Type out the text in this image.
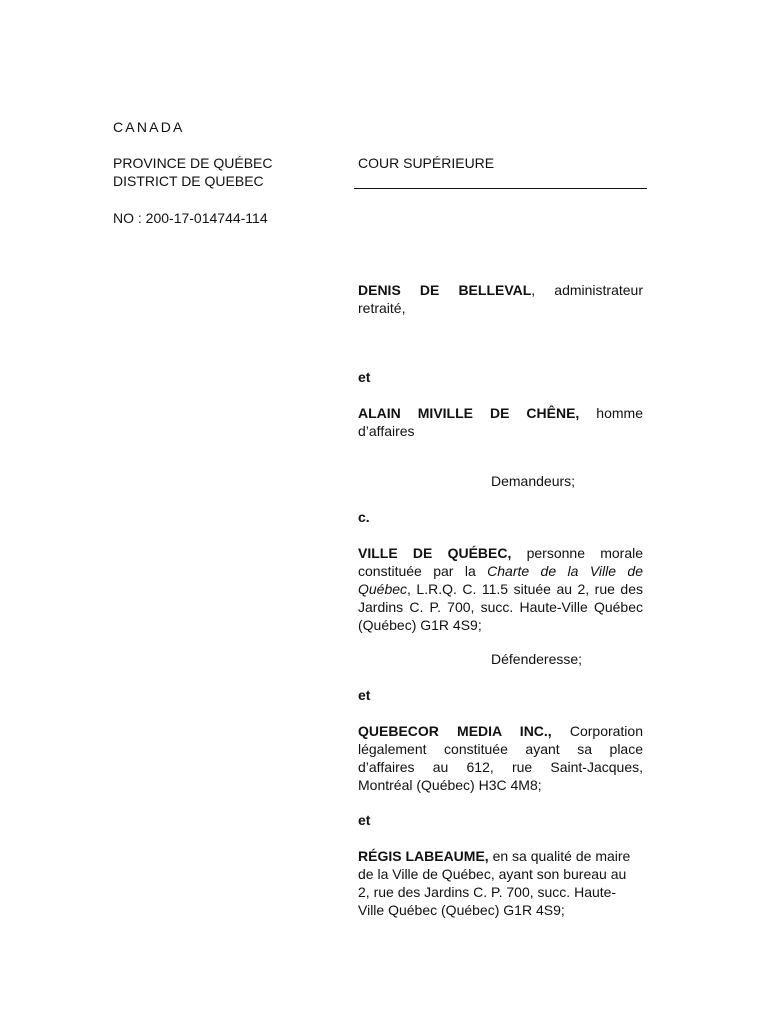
CANADA

PROVINCE DE QUÉBEC

DISTRICT DE QUEBEC

NO : 200-17-014744-114

COUR SUPÉRIEURE

DENIS DE BELLEVAL, administrateur retraité,

et

ALAIN MIVILLE DE CHÊNE, homme d’affaires

Demandeurs;

c.

VILLE DE QUÉBEC, personne morale constituée par la Charte de la Ville de Québec, L.R.Q. C. 11.5 située au 2, rue des Jardins C. P. 700, succ. Haute-Ville Québec (Québec) G1R 4S9;

Défenderesse;

et

QUEBECOR MEDIA INC., Corporation légalement constituée ayant sa place d’affaires au 612, rue Saint-Jacques, Montréal (Québec) H3C 4M8;

et

RÉGIS LABEAUME, en sa qualité de maire de la Ville de Québec, ayant son bureau au 2, rue des Jardins C. P. 700, succ. Haute-Ville Québec (Québec) G1R 4S9;
